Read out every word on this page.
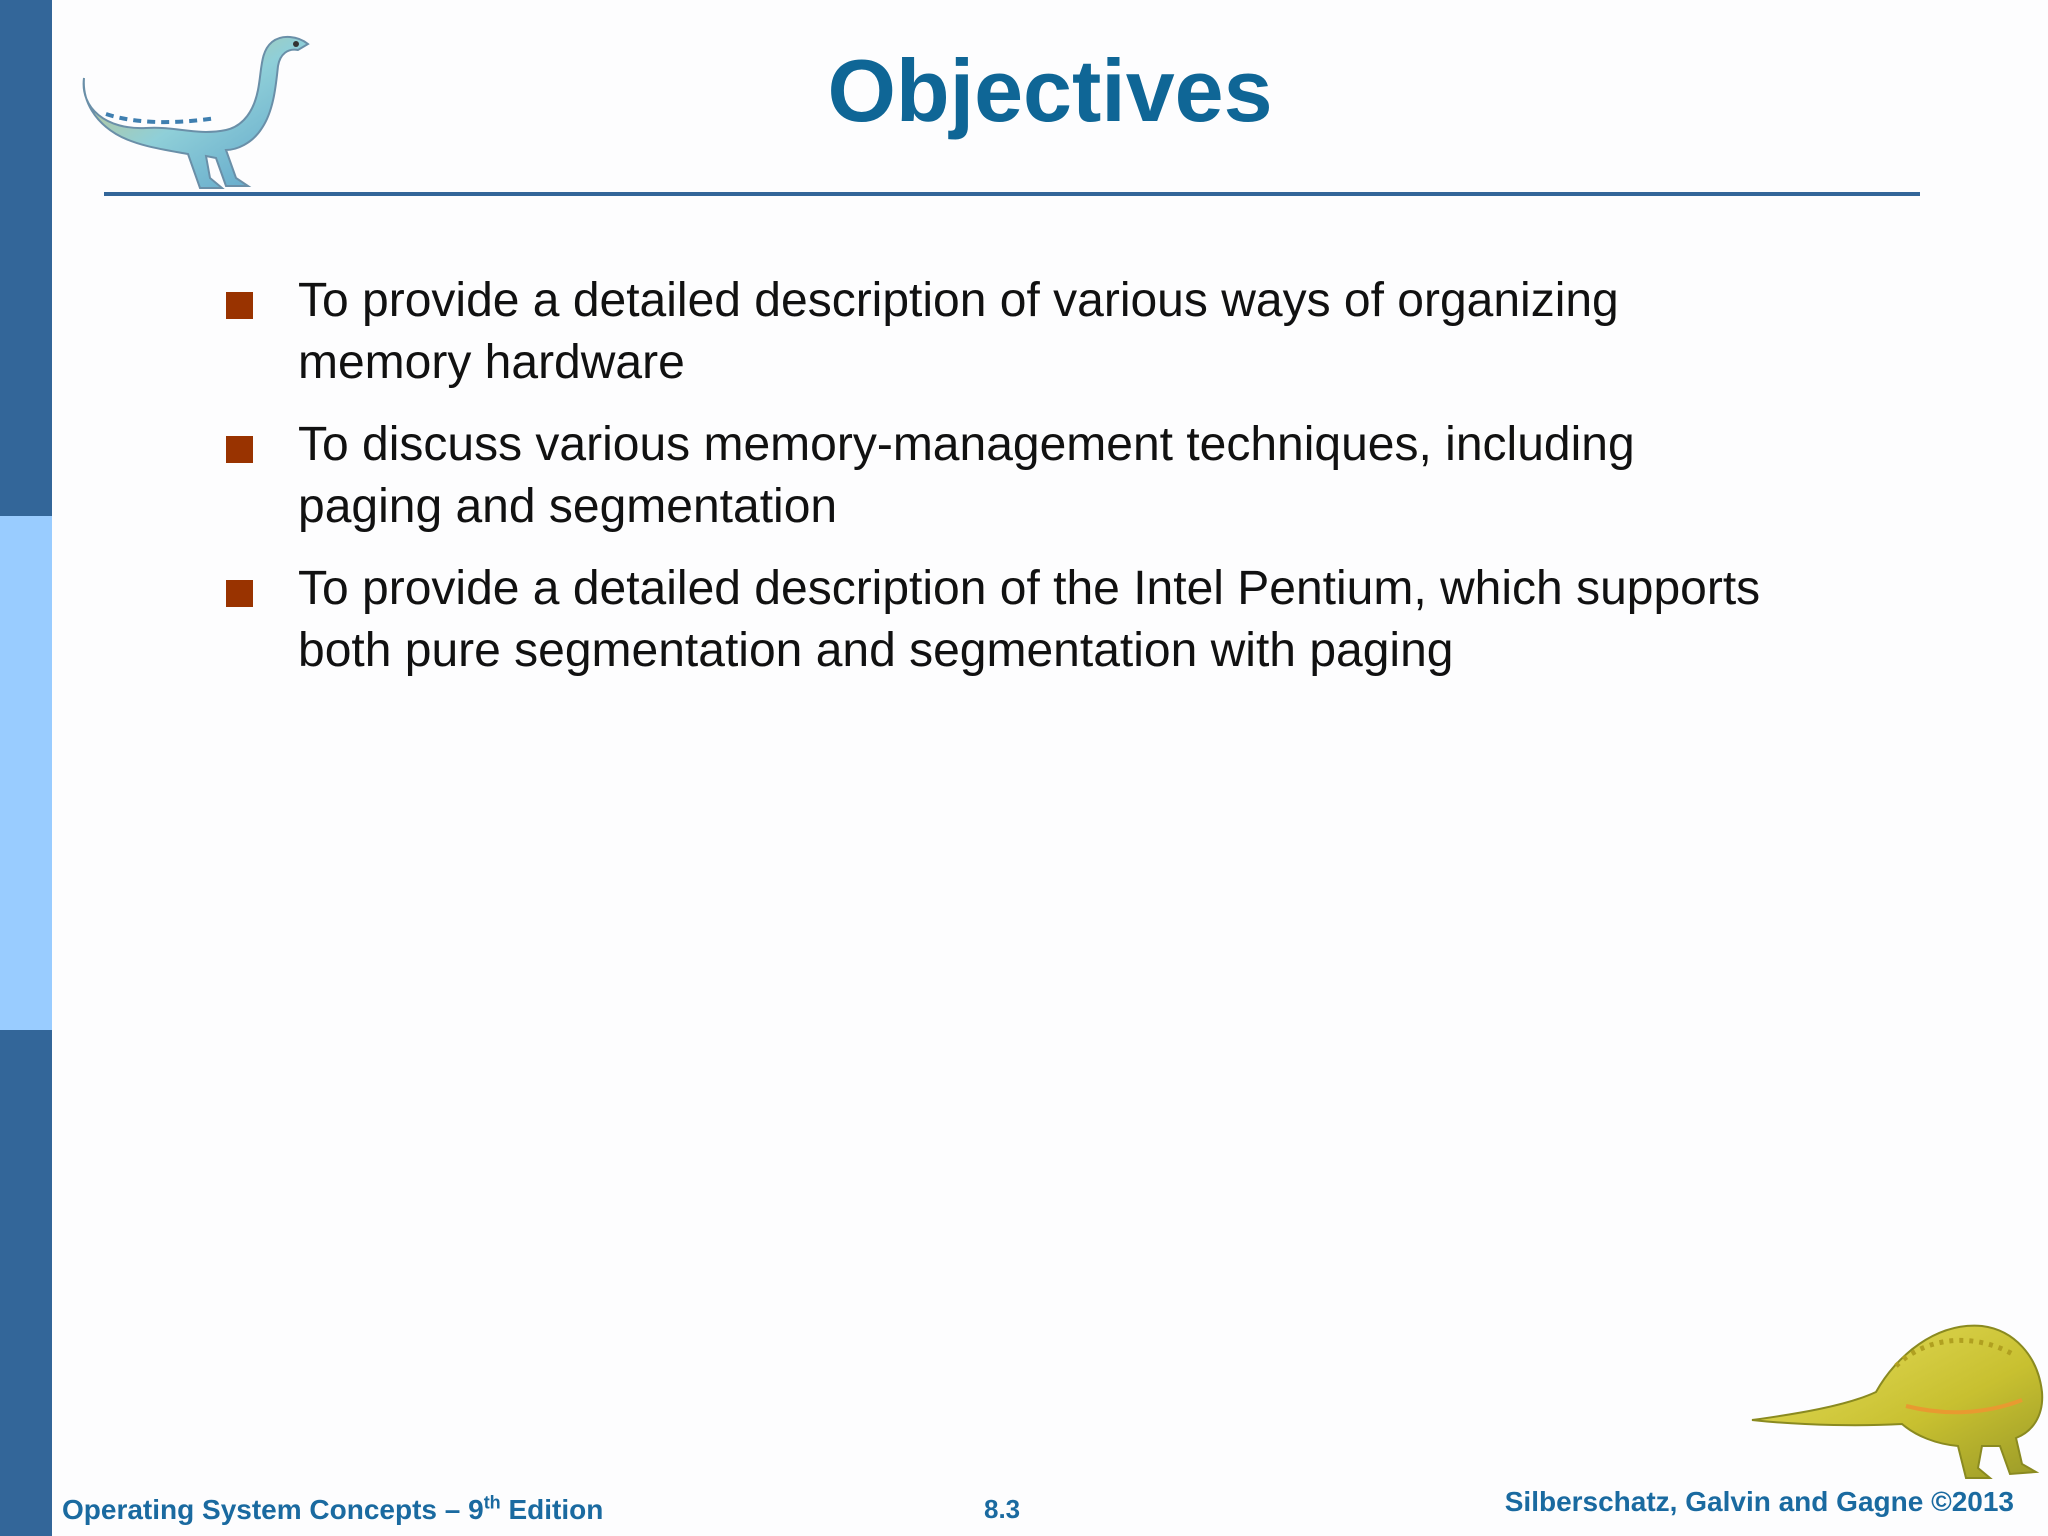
Objectives
To provide a detailed description of various ways of organizing memory hardware
To discuss various memory-management techniques, including paging and segmentation
To provide a detailed description of the Intel Pentium, which supports both pure segmentation and segmentation with paging
Operating System Concepts – 9th Edition	8.3	Silberschatz, Galvin and Gagne ©2013
